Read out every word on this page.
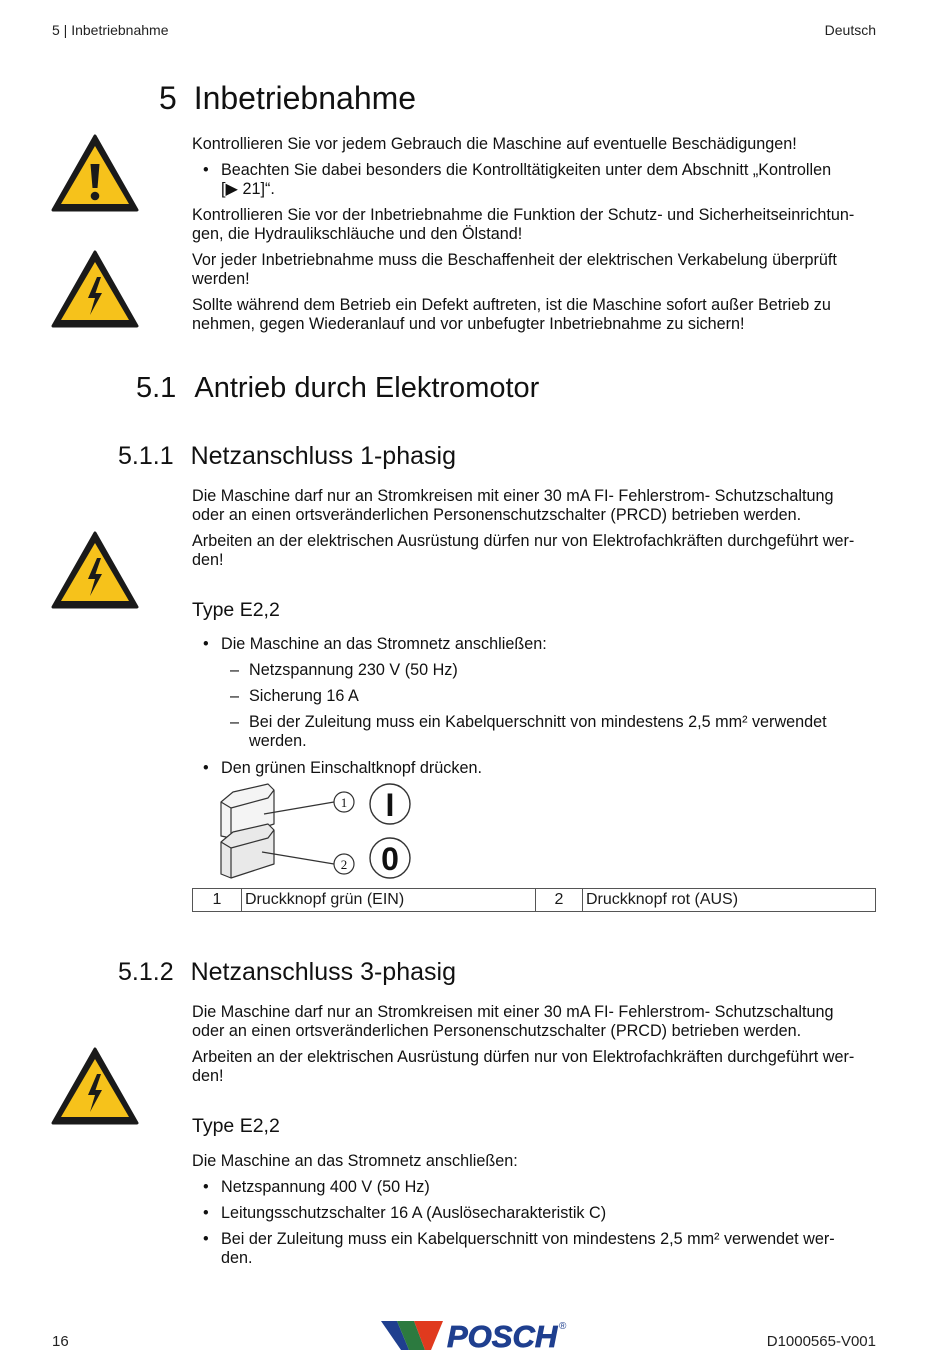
5 | Inbetriebnahme	Deutsch
5 Inbetriebnahme
Kontrollieren Sie vor jedem Gebrauch die Maschine auf eventuelle Beschädigungen!
• Beachten Sie dabei besonders die Kontrolltätigkeiten unter dem Abschnitt „Kontrollen
[▶ 21]“.
Kontrollieren Sie vor der Inbetriebnahme die Funktion der Schutz- und Sicherheitseinrichtun-
gen, die Hydraulikschläuche und den Ölstand!
Vor jeder Inbetriebnahme muss die Beschaffenheit der elektrischen Verkabelung überprüft
werden!
Sollte während dem Betrieb ein Defekt auftreten, ist die Maschine sofort außer Betrieb zu
nehmen, gegen Wiederanlauf und vor unbefugter Inbetriebnahme zu sichern!
5.1 Antrieb durch Elektromotor
5.1.1 Netzanschluss 1-phasig
Die Maschine darf nur an Stromkreisen mit einer 30 mA FI- Fehlerstrom- Schutzschaltung
oder an einen ortsveränderlichen Personenschutzschalter (PRCD) betrieben werden.
Arbeiten an der elektrischen Ausrüstung dürfen nur von Elektrofachkräften durchgeführt wer-
den!
Type E2,2
• Die Maschine an das Stromnetz anschließen:
– Netzspannung 230 V (50 Hz)
– Sicherung 16 A
– Bei der Zuleitung muss ein Kabelquerschnitt von mindestens 2,5 mm² verwendet
werden.
• Den grünen Einschaltknopf drücken.
1
2
I
0
1	Druckknopf grün (EIN)	2	Druckknopf rot (AUS)
5.1.2 Netzanschluss 3-phasig
Die Maschine darf nur an Stromkreisen mit einer 30 mA FI- Fehlerstrom- Schutzschaltung
oder an einen ortsveränderlichen Personenschutzschalter (PRCD) betrieben werden.
Arbeiten an der elektrischen Ausrüstung dürfen nur von Elektrofachkräften durchgeführt wer-
den!
Type E2,2
Die Maschine an das Stromnetz anschließen:
• Netzspannung 400 V (50 Hz)
• Leitungsschutzschalter 16 A (Auslösecharakteristik C)
• Bei der Zuleitung muss ein Kabelquerschnitt von mindestens 2,5 mm² verwendet wer-
den.
16	D1000565-V001
POSCH ®
